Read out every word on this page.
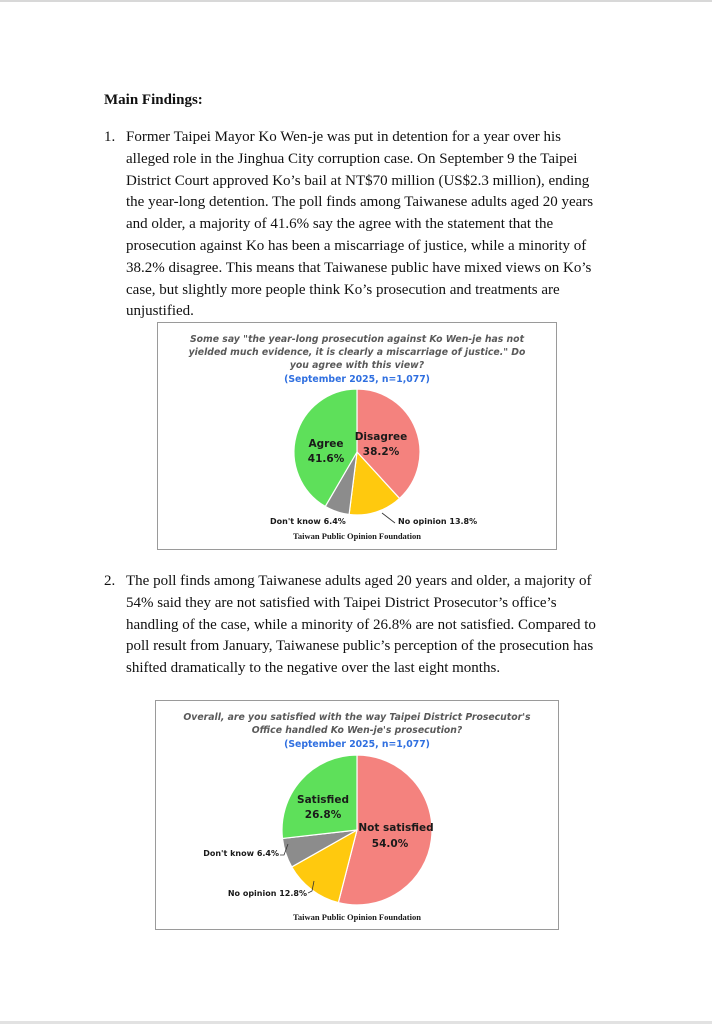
Main Findings:
1. Former Taipei Mayor Ko Wen-je was put in detention for a year over his alleged role in the Jinghua City corruption case. On September 9 the Taipei District Court approved Ko’s bail at NT$70 million (US$2.3 million), ending the year-long detention. The poll finds among Taiwanese adults aged 20 years and older, a majority of 41.6% say the agree with the statement that the prosecution against Ko has been a miscarriage of justice, while a minority of 38.2% disagree. This means that Taiwanese public have mixed views on Ko’s case, but slightly more people think Ko’s prosecution and treatments are unjustified.
Some say "the year-long prosecution against Ko Wen-je has not
yielded much evidence, it is clearly a miscarriage of justice." Do
you agree with this view?
(September 2025, n=1,077)
Disagree
38.2%
Agree
41.6%
No opinion 13.8%
Don't know 6.4%
Taiwan Public Opinion Foundation
2. The poll finds among Taiwanese adults aged 20 years and older, a majority of 54% said they are not satisfied with Taipei District Prosecutor’s office’s handling of the case, while a minority of 26.8% are not satisfied. Compared to poll result from January, Taiwanese public’s perception of the prosecution has shifted dramatically to the negative over the last eight months.
Overall, are you satisfied with the way Taipei District Prosecutor's
Office handled Ko Wen-je's prosecution?
(September 2025, n=1,077)
Not satisfied
54.0%
Satisfied
26.8%
Don't know 6.4%
No opinion 12.8%
Taiwan Public Opinion Foundation
